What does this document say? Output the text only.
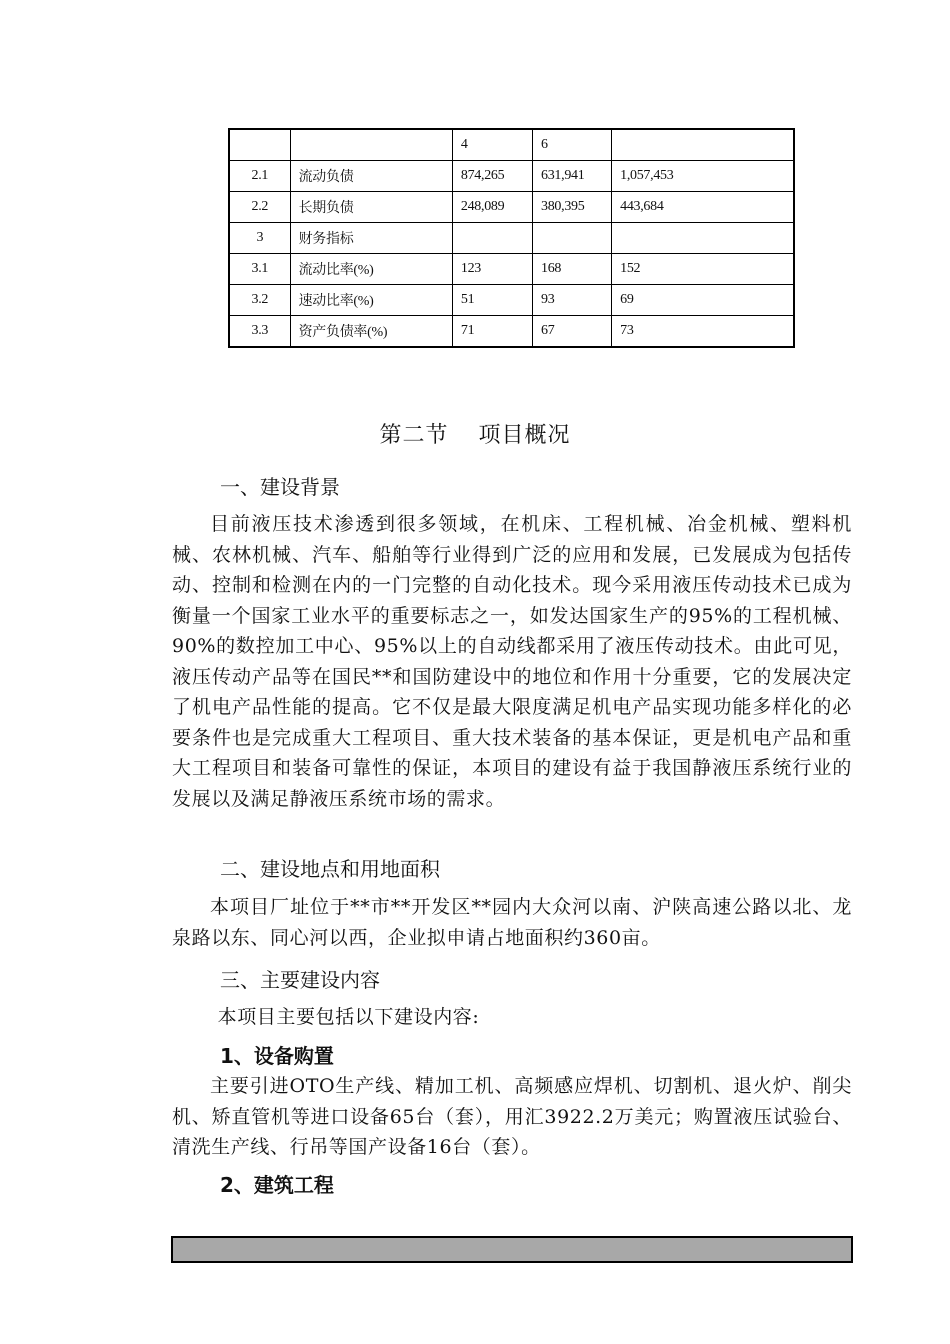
		4	6	
2.1	流动负债	874,265	631,941	1,057,453
2.2	长期负债	248,089	380,395	443,684
3	财务指标			
3.1	流动比率(%)	123	168	152
3.2	速动比率(%)	51	93	69
3.3	资产负债率(%)	71	67	73
第二节 项目概况
一、建设背景
目前液压技术渗透到很多领域，在机床、工程机械、冶金机械、塑料机械、农林机械、汽车、船舶等行业得到广泛的应用和发展，已发展成为包括传动、控制和检测在内的一门完整的自动化技术。现今采用液压传动技术已成为衡量一个国家工业水平的重要标志之一，如发达国家生产的95%的工程机械、90%的数控加工中心、95%以上的自动线都采用了液压传动技术。由此可见，液压传动产品等在国民**和国防建设中的地位和作用十分重要，它的发展决定了机电产品性能的提高。它不仅是最大限度满足机电产品实现功能多样化的必要条件也是完成重大工程项目、重大技术装备的基本保证，更是机电产品和重大工程项目和装备可靠性的保证，本项目的建设有益于我国静液压系统行业的发展以及满足静液压系统市场的需求。
二、建设地点和用地面积
本项目厂址位于**市**开发区**园内大众河以南、沪陕高速公路以北、龙泉路以东、同心河以西，企业拟申请占地面积约360亩。
三、主要建设内容
本项目主要包括以下建设内容:
1、设备购置
主要引进OTO生产线、精加工机、高频感应焊机、切割机、退火炉、削尖机、矫直管机等进口设备65台（套），用汇3922.2万美元；购置液压试验台、清洗生产线、行吊等国产设备16台（套）。
2、建筑工程
